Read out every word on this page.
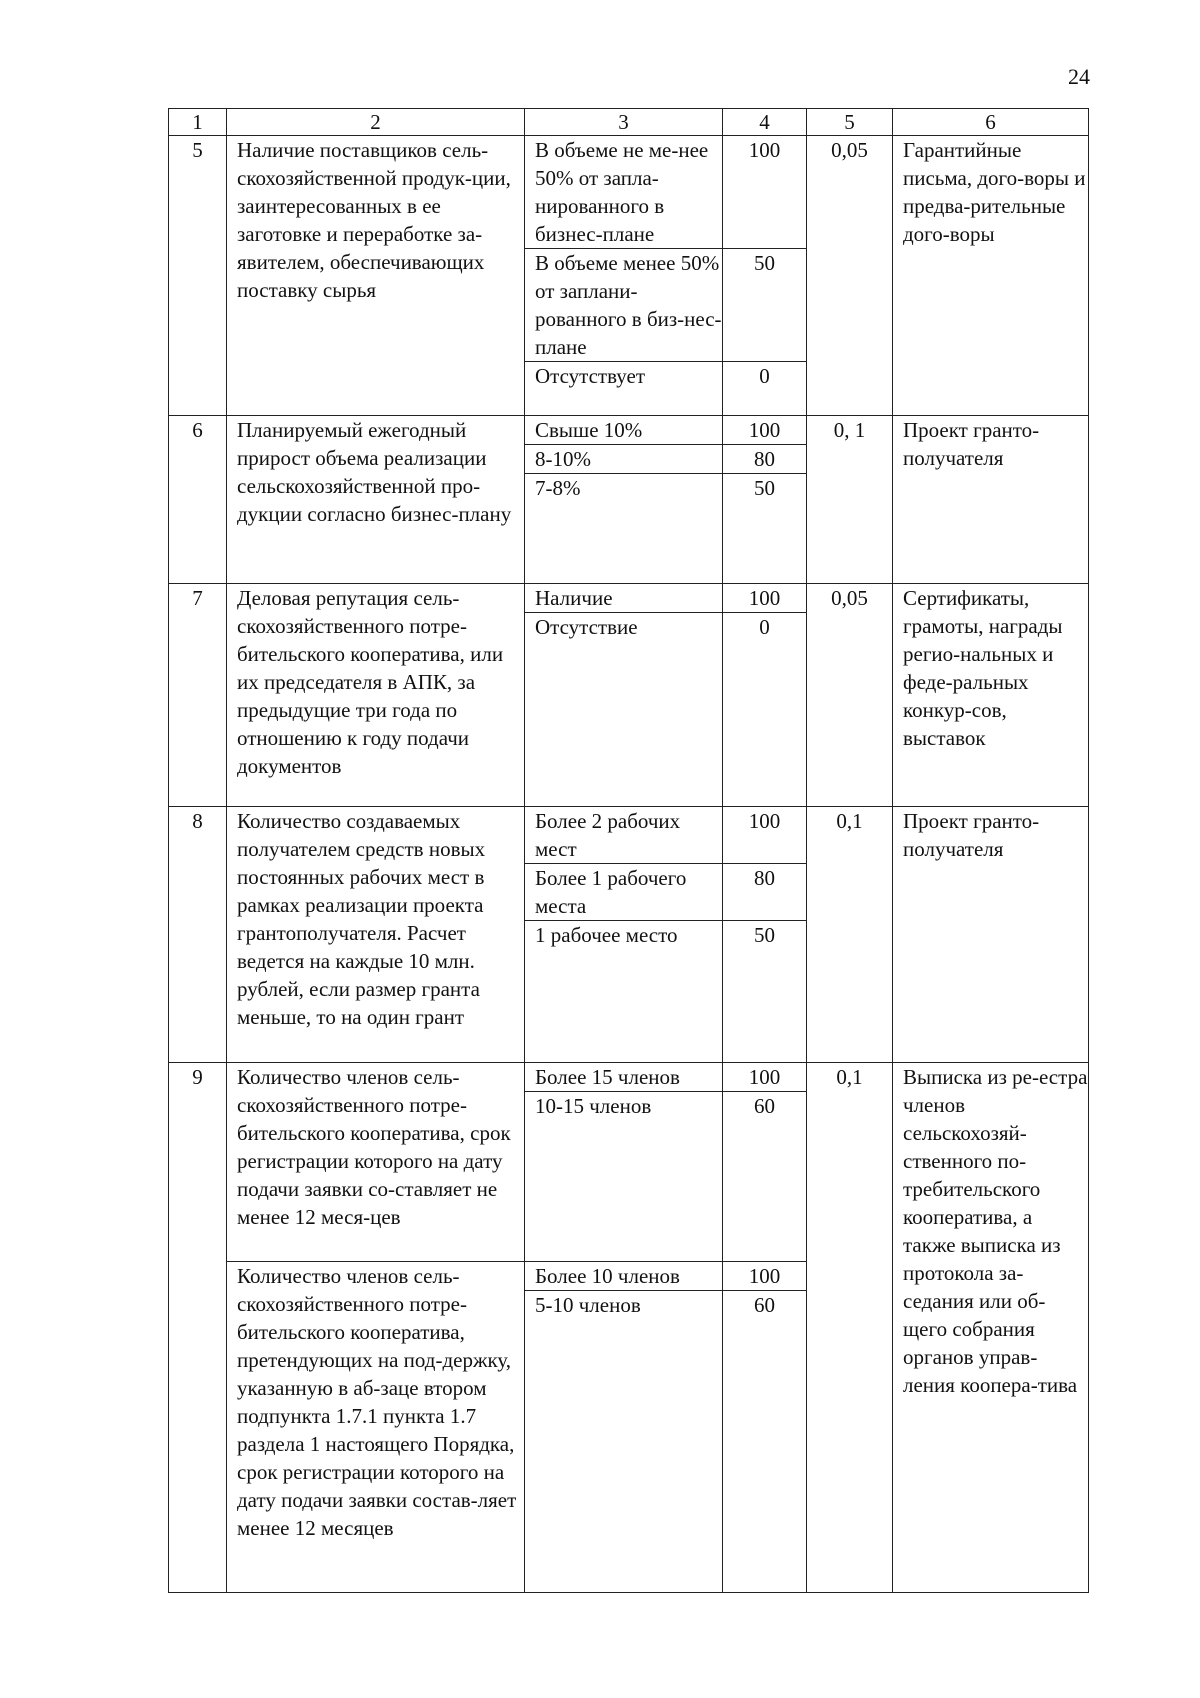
24
1	2	3	4	5	6
5	Наличие поставщиков сель-скохозяйственной продук-ции, заинтересованных в ее заготовке и переработке за-явителем, обеспечивающих поставку сырья	В объеме не ме-нее 50% от запла-нированного в бизнес-плане	100	0,05	Гарантийные письма, дого-воры и предва-рительные дого-воры
		В объеме менее 50% от заплани-рованного в биз-нес-плане	50		
		Отсутствует	0		
6	Планируемый ежегодный прирост объема реализации сельскохозяйственной про-дукции согласно бизнес-плану	Свыше 10%	100	0, 1	Проект гранто-получателя
		8-10%	80		
		7-8%	50		
7	Деловая репутация сель-скохозяйственного потре-бительского кооператива, или их председателя в АПК, за предыдущие три года по отношению к году подачи документов	Наличие	100	0,05	Сертификаты, грамоты, награды регио-нальных и феде-ральных конкур-сов, выставок
		Отсутствие	0		
8	Количество создаваемых получателем средств новых постоянных рабочих мест в рамках реализации проекта грантополучателя. Расчет ведется на каждые 10 млн. рублей, если размер гранта меньше, то на один грант	Более 2 рабочих мест	100	0,1	Проект гранто-получателя
		Более 1 рабочего места	80		
		1 рабочее место	50		
9	Количество членов сель-скохозяйственного потре-бительского кооператива, срок регистрации которого на дату подачи заявки со-ставляет не менее 12 меся-цев	Более 15 членов	100	0,1	Выписка из ре-естра членов сельскохозяй-ственного по-требительского кооператива, а также выписка из протокола за-седания или об-щего собрания органов управ-ления коопера-тива
		10-15 членов	60		
	Количество членов сель-скохозяйственного потре-бительского кооператива, претендующих на под-держку, указанную в аб-заце втором подпункта 1.7.1 пункта 1.7 раздела 1 настоящего Порядка, срок регистрации которого на дату подачи заявки состав-ляет менее 12 месяцев	Более 10 членов	100		
		5-10 членов	60		
